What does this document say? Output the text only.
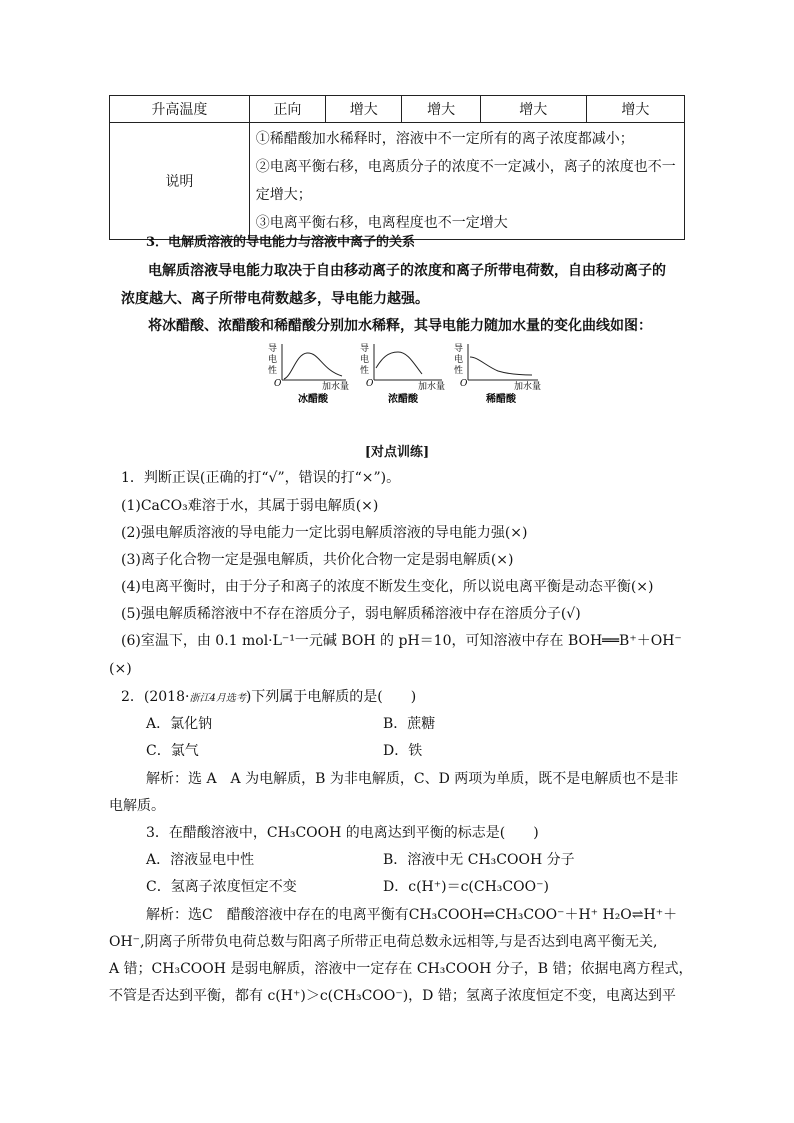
升高温度	正向	增大	增大	增大	增大
说明	①稀醋酸加水稀释时，溶液中不一定所有的离子浓度都减小；
②电离平衡右移，电离质分子的浓度不一定减小，离子的浓度也不一
定增大；
③电离平衡右移，电离程度也不一定增大				
3．电解质溶液的导电能力与溶液中离子的关系
电解质溶液导电能力取决于自由移动离子的浓度和离子所带电荷数，自由移动离子的
浓度越大、离子所带电荷数越多，导电能力越强。
将冰醋酸、浓醋酸和稀醋酸分别加水稀释，其导电能力随加水量的变化曲线如图：
导
电
性
O	加水量
冰醋酸
导
电
性
O	加水量
浓醋酸
导
电
性
O	加水量
稀醋酸
[对点训练]
1．判断正误(正确的打“√”，错误的打“×”)。
(1)CaCO₃难溶于水，其属于弱电解质(×)
(2)强电解质溶液的导电能力一定比弱电解质溶液的导电能力强(×)
(3)离子化合物一定是强电解质，共价化合物一定是弱电解质(×)
(4)电离平衡时，由于分子和离子的浓度不断发生变化，所以说电离平衡是动态平衡(×)
(5)强电解质稀溶液中不存在溶质分子，弱电解质稀溶液中存在溶质分子(√)
(6)室温下，由 0.1 mol·L⁻¹一元碱 BOH 的 pH＝10，可知溶液中存在 BOH══B⁺＋OH⁻
(×)
2．(2018·浙江4月选考)下列属于电解质的是(　　)
A．氯化钠	B．蔗糖
C．氯气	D．铁
解析：选 A　A 为电解质，B 为非电解质，C、D 两项为单质，既不是电解质也不是非
电解质。
3．在醋酸溶液中，CH₃COOH 的电离达到平衡的标志是(　　)
A．溶液显电中性	B．溶液中无 CH₃COOH 分子
C．氢离子浓度恒定不变	D．c(H⁺)＝c(CH₃COO⁻)
解析：选C　醋酸溶液中存在的电离平衡有CH₃COOH⇌CH₃COO⁻＋H⁺ H₂O⇌H⁺＋
OH⁻,阴离子所带负电荷总数与阳离子所带正电荷总数永远相等,与是否达到电离平衡无关,
A 错；CH₃COOH 是弱电解质，溶液中一定存在 CH₃COOH 分子，B 错；依据电离方程式，
不管是否达到平衡，都有 c(H⁺)＞c(CH₃COO⁻)，D 错；氢离子浓度恒定不变，电离达到平
